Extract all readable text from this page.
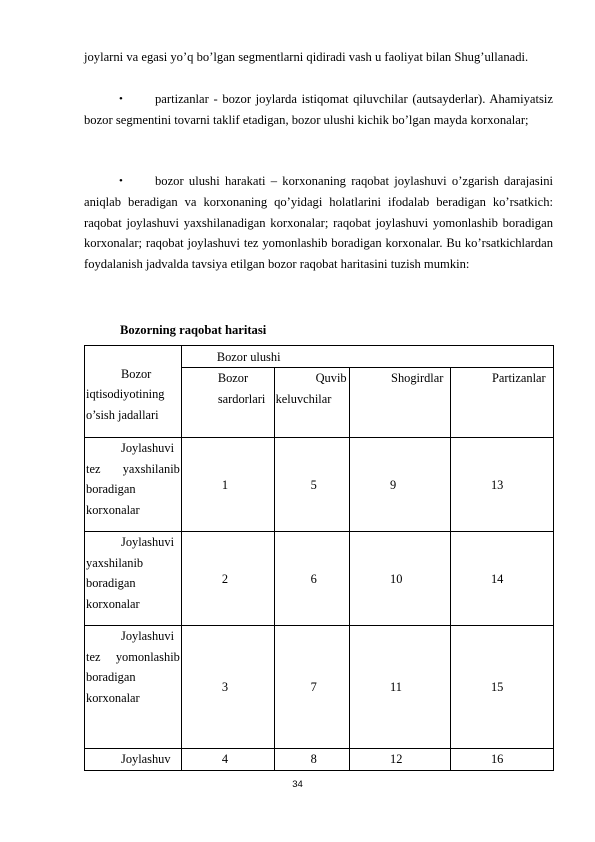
joylarni va egasi yo’q bo’lgan segmentlarni qidiradi vash u faoliyat bilan Shug’ullanadi.

•	partizanlar - bozor joylarda istiqomat qiluvchilar (autsayderlar). Ahamiyatsiz bozor segmentini tovarni taklif etadigan, bozor ulushi kichik bo’lgan mayda korxonalar;

•	bozor ulushi harakati – korxonaning raqobat joylashuvi o’zgarish darajasini aniqlab beradigan va korxonaning qo’yidagi holatlarini ifodalab beradigan ko’rsatkich: raqobat joylashuvi yaxshilanadigan korxonalar; raqobat joylashuvi yomonlashib boradigan korxonalar; raqobat joylashuvi tez yomonlashib boradigan korxonalar. Bu ko’rsatkichlardan foydalanish jadvalda tavsiya etilgan bozor raqobat haritasini tuzish mumkin:

Bozorning raqobat haritasi
Bozor iqtisodiyotining o’sish jadallari	Bozor ulushi			
	Bozor sardorlari	Quvib keluvchilar	Shogirdlar	Partizanlar
Joylashuvi tez yaxshilanib boradigan korxonalar	1	5	9	13
Joylashuvi yaxshilanib boradigan korxonalar	2	6	10	14
Joylashuvi tez yomonlashib boradigan korxonalar	3	7	11	15
Joylashuv	4	8	12	16
34
